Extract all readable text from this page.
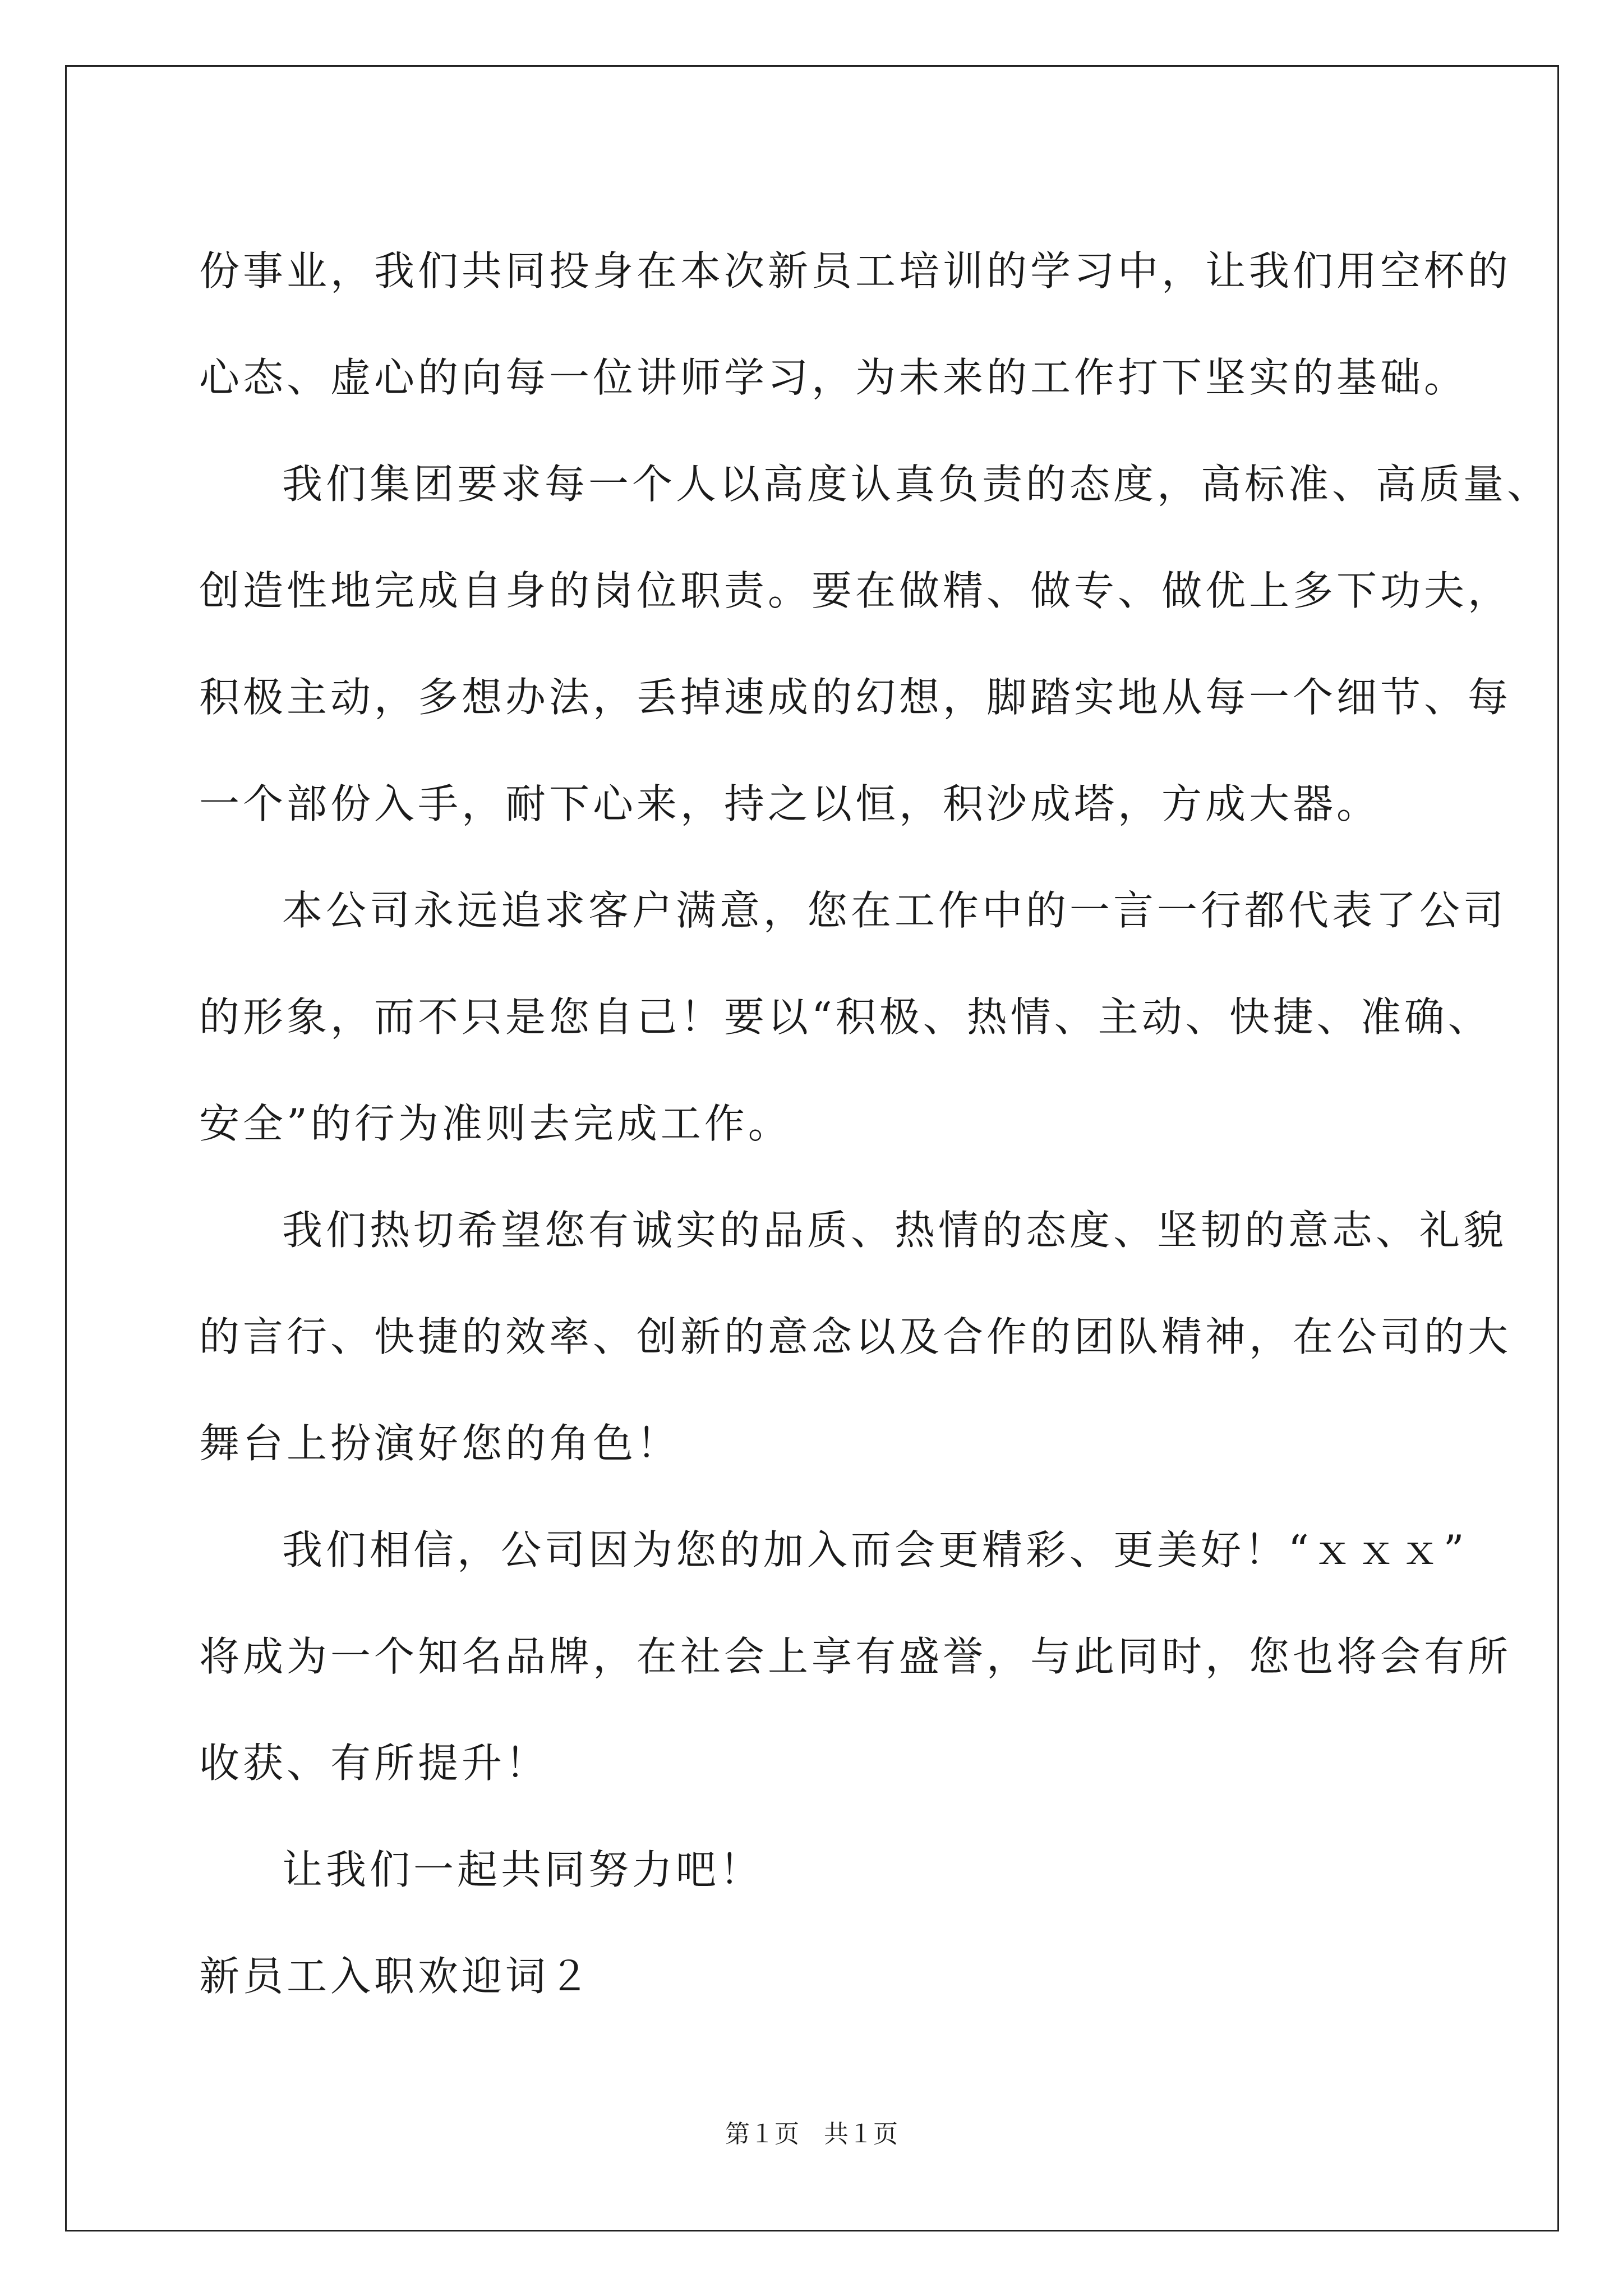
份事业，我们共同投身在本次新员工培训的学习中，让我们用空杯的

心态、虚心的向每一位讲师学习，为未来的工作打下坚实的基础。

我们集团要求每一个人以高度认真负责的态度，高标准、高质量、

创造性地完成自身的岗位职责。要在做精、做专、做优上多下功夫，

积极主动，多想办法，丢掉速成的幻想，脚踏实地从每一个细节、每

一个部份入手，耐下心来，持之以恒，积沙成塔，方成大器。

本公司永远追求客户满意，您在工作中的一言一行都代表了公司

的形象，而不只是您自己！要以“积极、热情、主动、快捷、准确、

安全”的行为准则去完成工作。

我们热切希望您有诚实的品质、热情的态度、坚韧的意志、礼貌

的言行、快捷的效率、创新的意念以及合作的团队精神，在公司的大

舞台上扮演好您的角色！

我们相信，公司因为您的加入而会更精彩、更美好！“ｘｘｘ”

将成为一个知名品牌，在社会上享有盛誉，与此同时，您也将会有所

收获、有所提升！

让我们一起共同努力吧！

新员工入职欢迎词２

第１页 共１页
